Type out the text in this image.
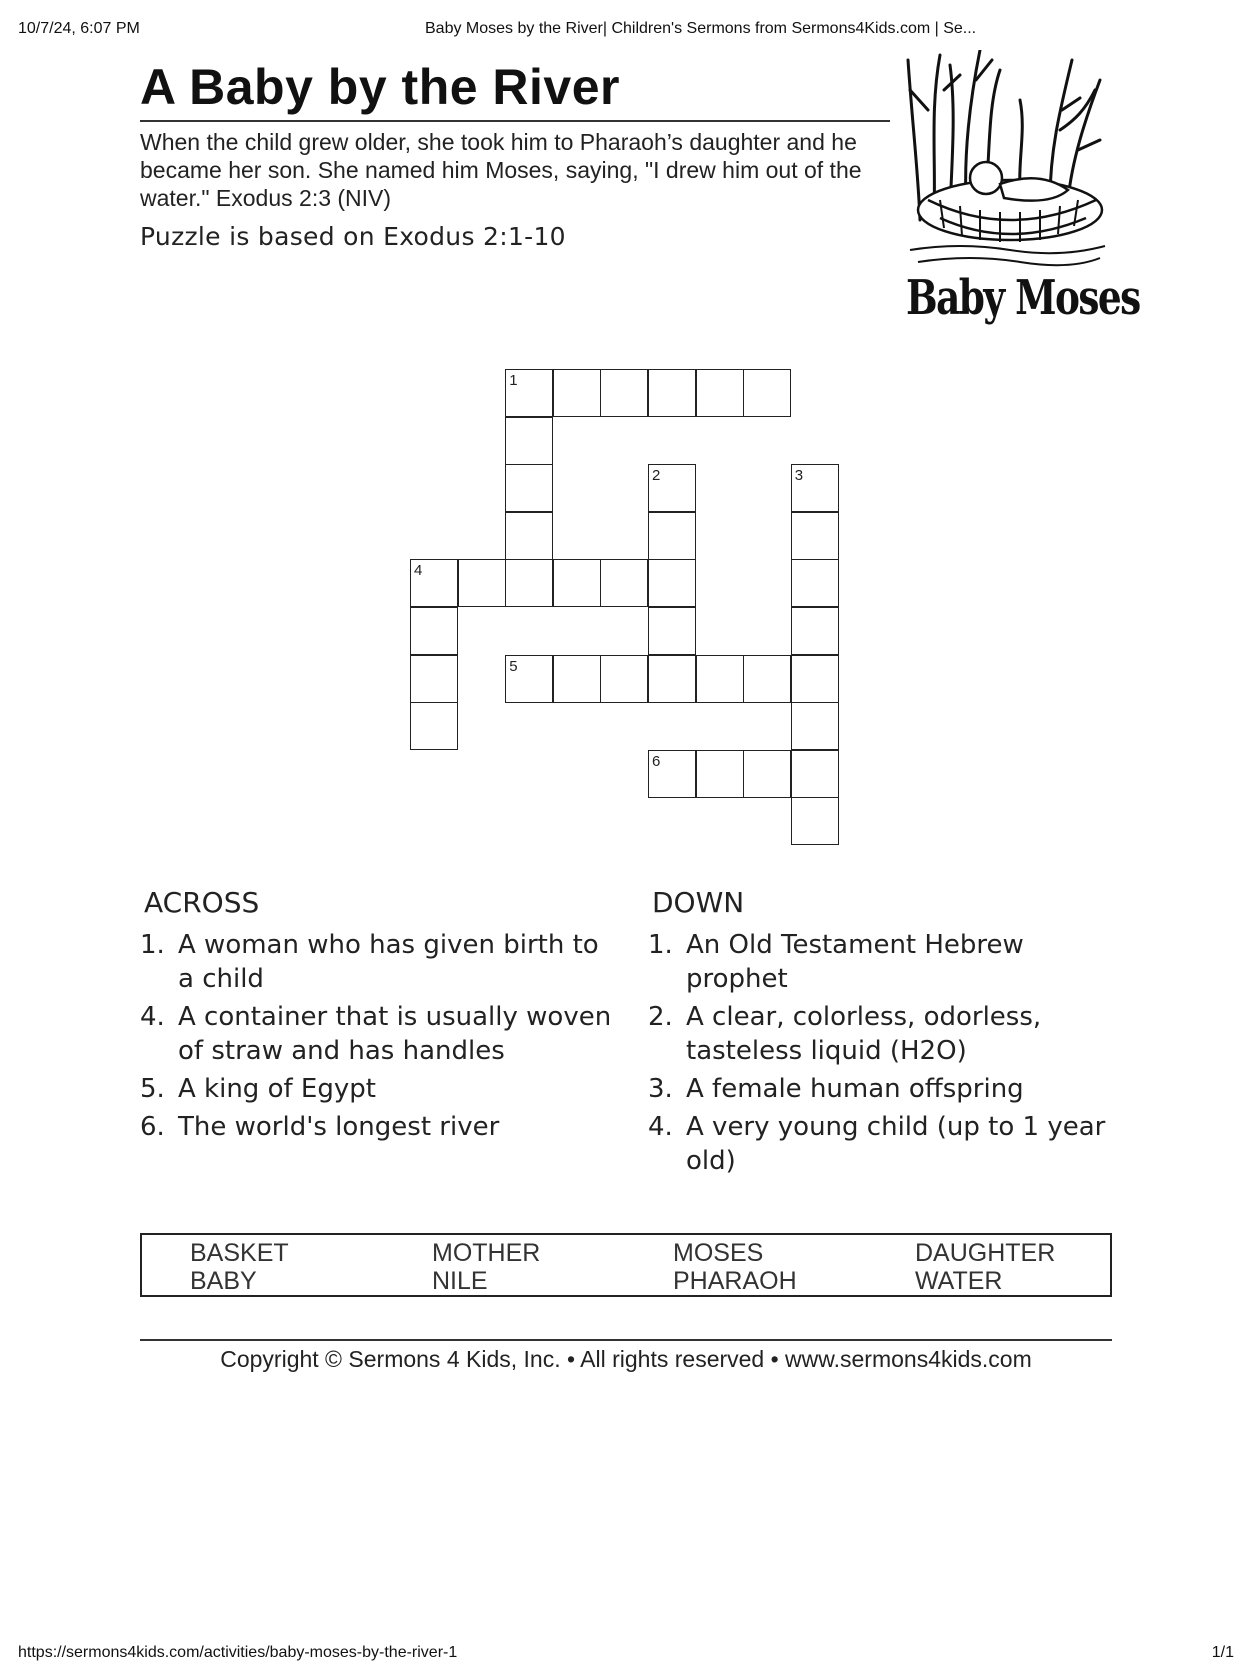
10/7/24, 6:07 PM	Baby Moses by the River| Children's Sermons from Sermons4Kids.com | Se...
A Baby by the River
When the child grew older, she took him to Pharaoh’s daughter and he became her son. She named him Moses, saying, "I drew him out of the water." Exodus 2:3 (NIV)
Puzzle is based on Exodus 2:1-10
Baby Moses
1
2	3
4
5
6
ACROSS	DOWN
1. A woman who has given birth to a child
4. A container that is usually woven of straw and has handles
5. A king of Egypt
6. The world's longest river
1. An Old Testament Hebrew prophet
2. A clear, colorless, odorless, tasteless liquid (H2O)
3. A female human offspring
4. A very young child (up to 1 year old)
BASKET	MOTHER	MOSES	DAUGHTER
BABY	NILE	PHARAOH	WATER
Copyright © Sermons 4 Kids, Inc. • All rights reserved • www.sermons4kids.com
https://sermons4kids.com/activities/baby-moses-by-the-river-1	1/1
